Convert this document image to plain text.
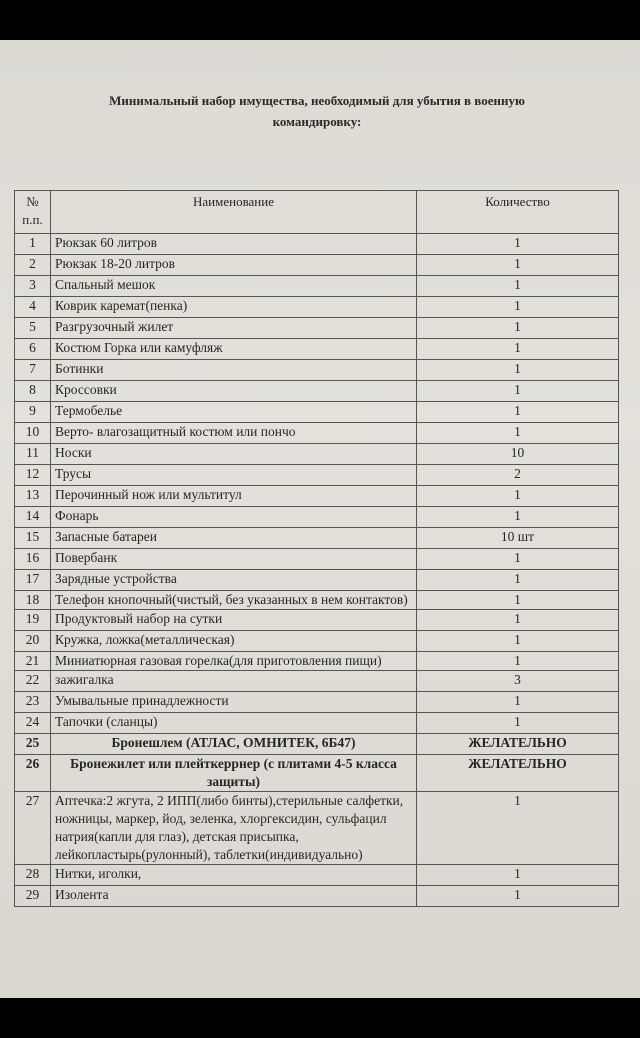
Минимальный набор имущества, необходимый для убытия в военную
командировку:
№
п.п.	Наименование	Количество
1	Рюкзак 60 литров	1
2	Рюкзак 18-20 литров	1
3	Спальный мешок	1
4	Коврик каремат(пенка)	1
5	Разгрузочный жилет	1
6	Костюм Горка или камуфляж	1
7	Ботинки	1
8	Кроссовки	1
9	Термобелье	1
10	Верто- влагозащитный костюм или пончо	1
11	Носки	10
12	Трусы	2
13	Перочинный нож или мультитул	1
14	Фонарь	1
15	Запасные батареи	10 шт
16	Повербанк	1
17	Зарядные устройства	1
18	Телефон кнопочный(чистый, без указанных в нем контактов)	1
19	Продуктовый набор на сутки	1
20	Кружка, ложка(металлическая)	1
21	Миниатюрная газовая горелка(для приготовления пищи)	1
22	зажигалка	3
23	Умывальные принадлежности	1
24	Тапочки (сланцы)	1
25	Бронешлем (АТЛАС, ОМНИТЕК, 6Б47)	ЖЕЛАТЕЛЬНО
26	Бронежилет или плейткеррнер (с плитами 4-5 класса защиты)	ЖЕЛАТЕЛЬНО
27	Аптечка:2 жгута, 2 ИПП(либо бинты),стерильные салфетки, ножницы, маркер, йод, зеленка, хлоргексидин, сульфацил натрия(капли для глаз), детская присыпка, лейкопластырь(рулонный), таблетки(индивидуально)	1
28	Нитки, иголки,	1
29	Изолента	1
